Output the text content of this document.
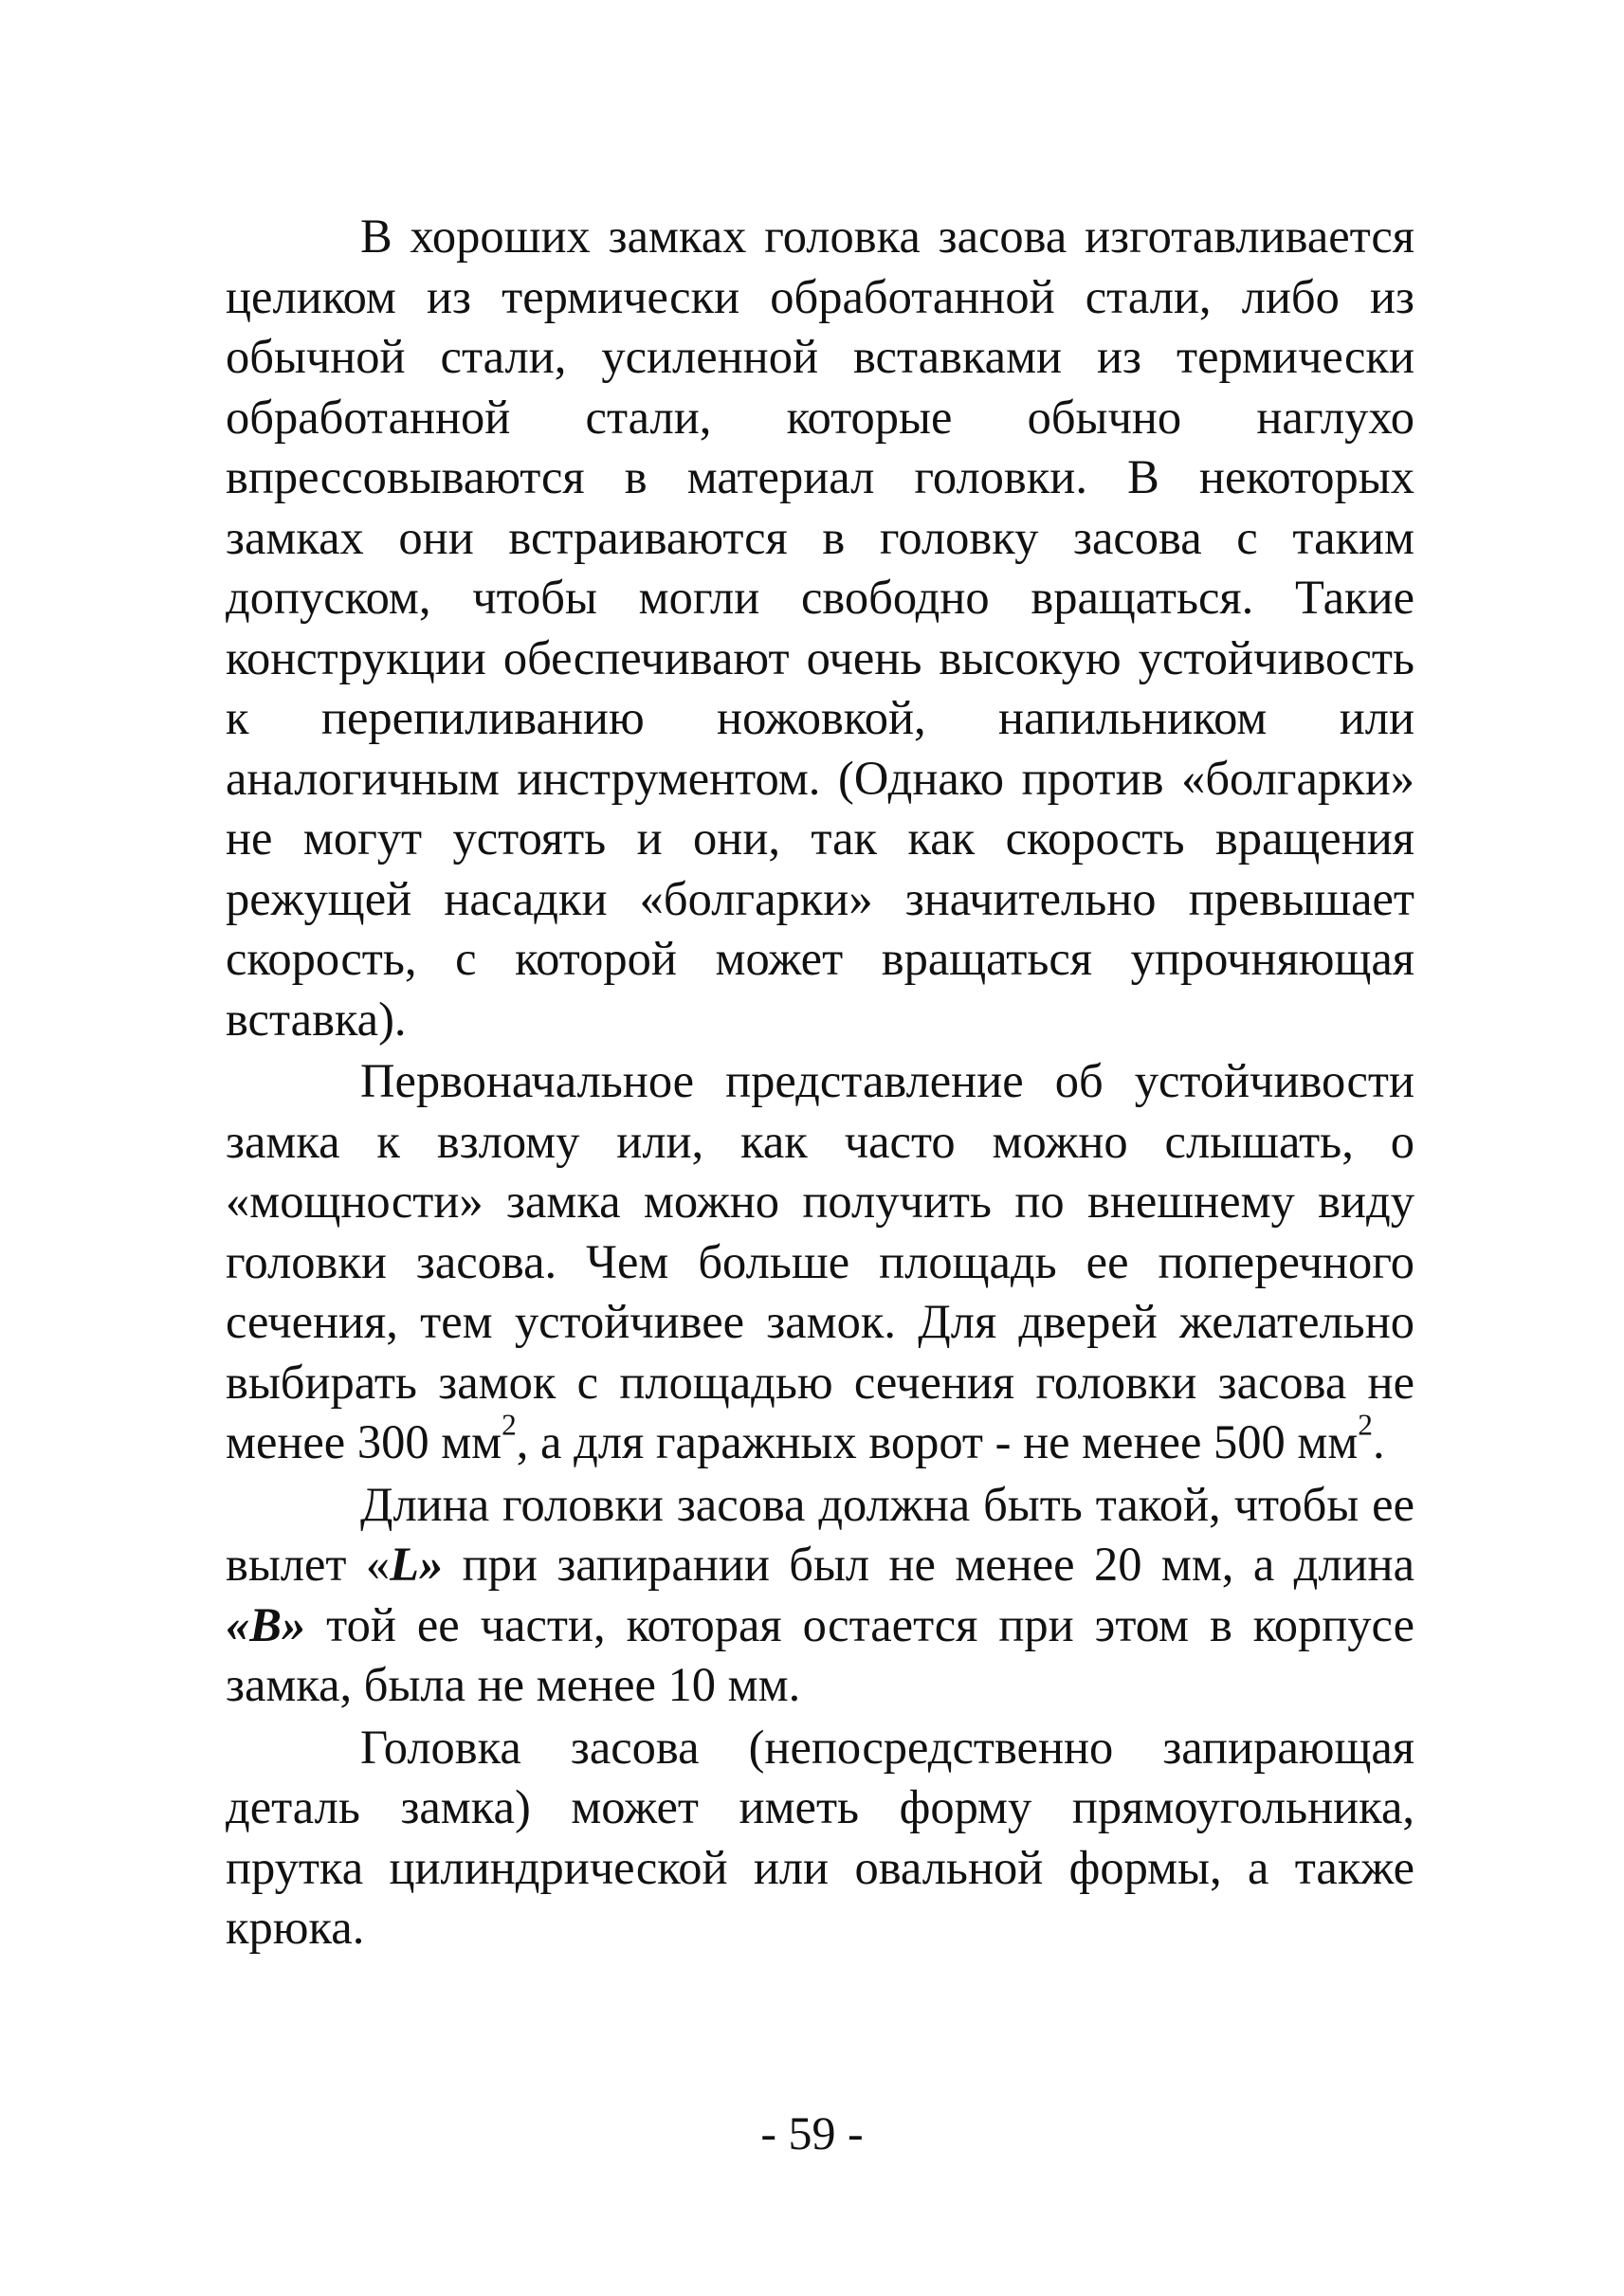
В хороших замках головка засова изготавливается целиком из термически обработанной стали, либо из обычной стали, усиленной вставками из термически обработанной стали, которые обычно наглухо впрессовываются в материал головки. В некоторых замках они встраиваются в головку засова с таким допуском, чтобы могли свободно вращаться. Такие конструкции обеспечивают очень высокую устойчивость к перепиливанию ножовкой, напильником или аналогичным инструментом. (Однако против «болгарки» не могут устоять и они, так как скорость вращения режущей насадки «болгарки» значительно превышает скорость, с которой может вращаться упрочняющая вставка).

Первоначальное представление об устойчивости замка к взлому или, как часто можно слышать, о «мощности» замка можно получить по внешнему виду головки засова. Чем больше площадь ее поперечного сечения, тем устойчивее замок. Для дверей желательно выбирать замок с площадью сечения головки засова не менее 300 $мм^2$, а для гаражных ворот - не менее 500 $мм^2$.

Длина головки засова должна быть такой, чтобы ее вылет «L» при запирании был не менее 20 мм, а длина «B» той ее части, которая остается при этом в корпусе замка, была не менее 10 мм.

Головка засова (непосредственно запирающая деталь замка) может иметь форму прямоугольника, прутка цилиндрической или овальной формы, а также крюка.

- 59 -
